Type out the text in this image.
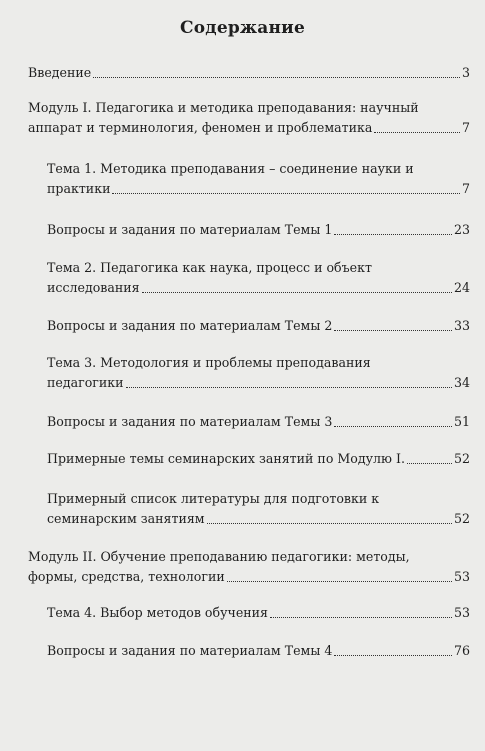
Содержание
Введение	3
Модуль I. Педагогика и методика преподавания: научный
аппарат и терминология, феномен и проблематика	7
Тема 1. Методика преподавания – соединение науки и
практики	7
Вопросы и задания по материалам Темы 1	23
Тема 2. Педагогика как наука, процесс и объект
исследования	24
Вопросы и задания по материалам Темы 2	33
Тема 3. Методология и проблемы преподавания
педагогики	34
Вопросы и задания по материалам Темы 3	51
Примерные темы семинарских занятий по Модулю I.	52
Примерный список литературы для подготовки к
семинарским занятиям	52
Модуль II. Обучение преподаванию педагогики: методы,
формы, средства, технологии	53
Тема 4. Выбор методов обучения	53
Вопросы и задания по материалам Темы 4	76
